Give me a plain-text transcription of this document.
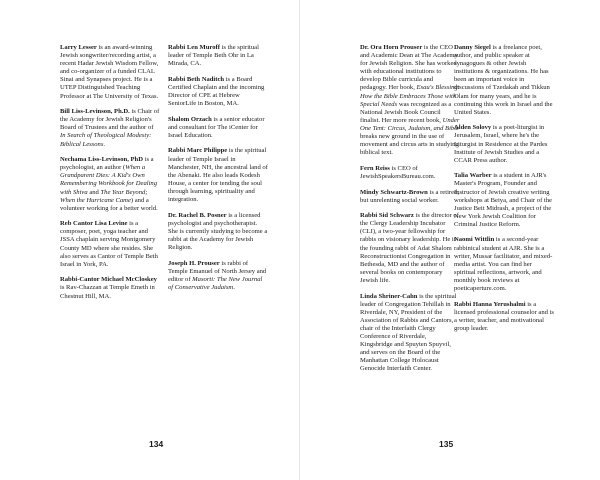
Larry Lesser is an award-winning Jewish songwriter/recording artist, a recent Hadar Jewish Wisdom Fellow, and co-organizer of a funded CLAL Sinai and Synapses project. He is a UTEP Distinguished Teaching Professor at The University of Texas.

Bill Liss-Levinson, Ph.D. is Chair of the Academy for Jewish Religion's Board of Trustees and the author of In Search of Theological Modesty: Biblical Lessons.

Nechama Liss-Levinson, PhD is a psychologist, an author (When a Grandparent Dies: A Kid's Own Remembering Workbook for Dealing with Shiva and The Year Beyond; When the Hurricane Came) and a volunteer working for a better world.

Reb Cantor Lisa Levine is a composer, poet, yoga teacher and JSSA chaplain serving Montgomery County MD where she resides. She also serves as Cantor of Temple Beth Israel in York, PA.

Rabbi-Cantor Michael McCloskey is Rav-Chazzan at Temple Emeth in Chestnut Hill, MA.

Rabbi Len Muroff is the spiritual leader of Temple Beth Ohr in La Mirada, CA.

Rabbi Beth Naditch is a Board Certified Chaplain and the incoming Director of CPE at Hebrew SeniorLife in Boston, MA.

Shalom Orzach is a senior educator and consultant for The iCenter for Israel Education.

Rabbi Marc Philippe is the spiritual leader of Temple Israel in Manchester, NH, the ancestral land of the Abenaki. He also leads Kodesh House, a center for tending the soul through learning, spirituality and integration.

Dr. Rachel B. Posner is a licensed psychologist and psychotherapist. She is currently studying to become a rabbi at the Academy for Jewish Religion.

Joseph H. Prouser is rabbi of Temple Emanuel of North Jersey and editor of Masorti: The New Journal of Conservative Judaism.

134

Dr. Ora Horn Prouser is the CEO and Academic Dean at The Academy for Jewish Religion. She has worked with educational institutions to develop Bible curricula and pedagogy. Her book, Esau's Blessing: How the Bible Embraces Those with Special Needs was recognized as a National Jewish Book Council finalist. Her more recent book, Under One Tent: Circus, Judaism, and Bible breaks new ground in the use of movement and circus arts in studying biblical text.

Fern Reiss is CEO of JewishSpeakersBureau.com.

Mindy Schwartz-Brown is a retired, but unrelenting social worker.

Rabbi Sid Schwarz is the director of the Clergy Leadership Incubator (CLI), a two-year fellowship for rabbis on visionary leadership. He is the founding rabbi of Adat Shalom Reconstructionist Congregation in Bethesda, MD and the author of several books on contemporary Jewish life.

Linda Shriner-Cahn is the spiritual leader of Congregation Tehillah in Riverdale, NY, President of the Association of Rabbis and Cantors, chair of the Interfaith Clergy Conference of Riverdale, Kingsbridge and Spuyten Spuyvil, and serves on the Board of the Manhattan College Holocaust Genocide Interfaith Center.

Danny Siegel is a freelance poet, author, and public speaker at synagogues & other Jewish institutions & organizations. He has been an important voice in discussions of Tzedakah and Tikkun Olam for many years, and he is continuing this work in Israel and the United States.

Alden Solovy is a poet-liturgist in Jerusalem, Israel, where he's the Liturgist in Residence at the Pardes Institute of Jewish Studies and a CCAR Press author.

Talia Warber is a student in AJR's Master's Program, Founder and Instructor of Jewish creative writing workshops at Beiya, and Chair of the Justice Beit Midrash, a project of the New York Jewish Coalition for Criminal Justice Reform.

Naomi Wittlin is a second-year rabbinical student at AJR. She is a writer, Mussar facilitator, and mixed-media artist. You can find her spiritual reflections, artwork, and monthly book reviews at poeticaperture.com.

Rabbi Hanna Yerushalmi is a licensed professional counselor and is a writer, teacher, and motivational group leader.

135
